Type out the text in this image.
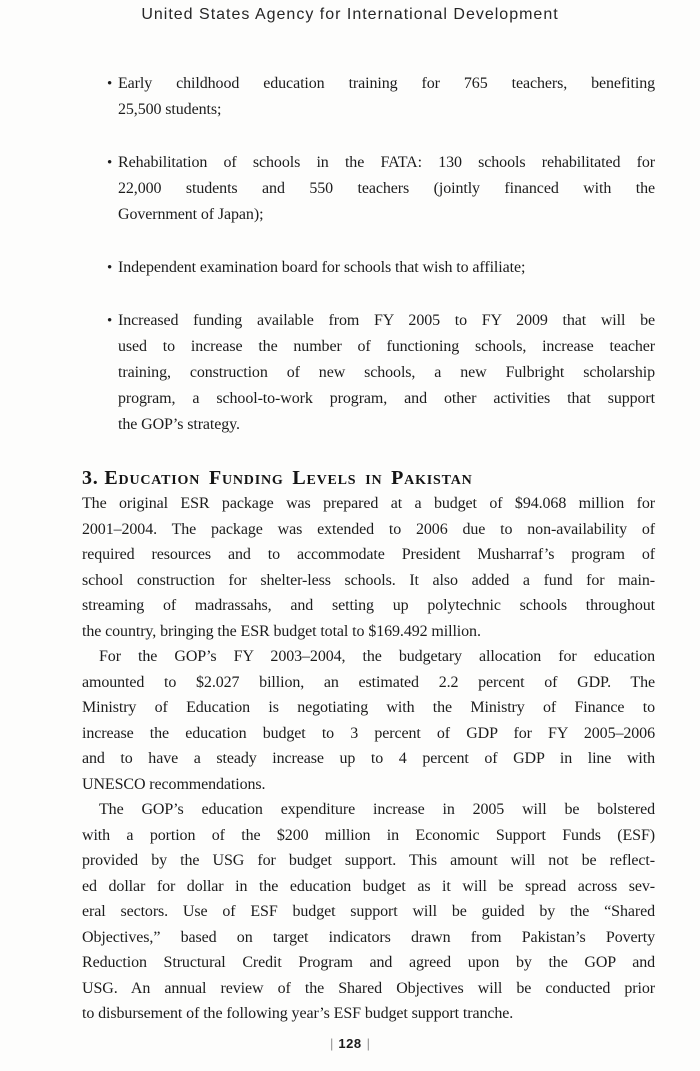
United States Agency for International Development
• Early childhood education training for 765 teachers, benefiting
25,500 students;
• Rehabilitation of schools in the FATA: 130 schools rehabilitated for
22,000 students and 550 teachers (jointly financed with the
Government of Japan);
• Independent examination board for schools that wish to affiliate;
• Increased funding available from FY 2005 to FY 2009 that will be
used to increase the number of functioning schools, increase teacher
training, construction of new schools, a new Fulbright scholarship
program, a school-to-work program, and other activities that support
the GOP’s strategy.
3. Education Funding Levels in Pakistan
The original ESR package was prepared at a budget of $94.068 million for
2001–2004. The package was extended to 2006 due to non-availability of
required resources and to accommodate President Musharraf’s program of
school construction for shelter-less schools. It also added a fund for main-
streaming of madrassahs, and setting up polytechnic schools throughout
the country, bringing the ESR budget total to $169.492 million.
For the GOP’s FY 2003–2004, the budgetary allocation for education
amounted to $2.027 billion, an estimated 2.2 percent of GDP. The
Ministry of Education is negotiating with the Ministry of Finance to
increase the education budget to 3 percent of GDP for FY 2005–2006
and to have a steady increase up to 4 percent of GDP in line with
UNESCO recommendations.
The GOP’s education expenditure increase in 2005 will be bolstered
with a portion of the $200 million in Economic Support Funds (ESF)
provided by the USG for budget support. This amount will not be reflect-
ed dollar for dollar in the education budget as it will be spread across sev-
eral sectors. Use of ESF budget support will be guided by the “Shared
Objectives,” based on target indicators drawn from Pakistan’s Poverty
Reduction Structural Credit Program and agreed upon by the GOP and
USG. An annual review of the Shared Objectives will be conducted prior
to disbursement of the following year’s ESF budget support tranche.
| 128 |
